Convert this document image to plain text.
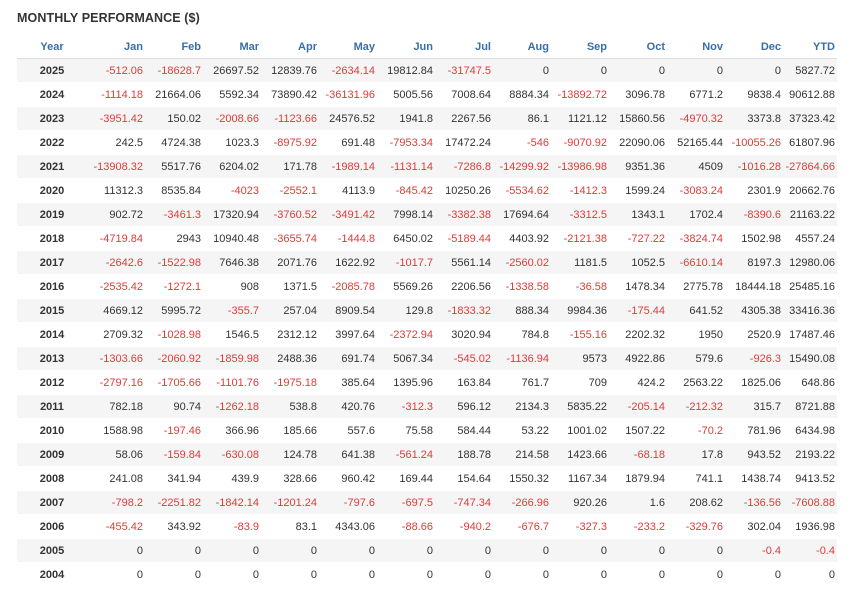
MONTHLY PERFORMANCE ($)
Year	Jan	Feb	Mar	Apr	May	Jun	Jul	Aug	Sep	Oct	Nov	Dec	YTD
2025	-512.06	-18628.7	26697.52	12839.76	-2634.14	19812.84	-31747.5	0	0	0	0	0	5827.72
2024	-1114.18	21664.06	5592.34	73890.42	-36131.96	5005.56	7008.64	8884.34	-13892.72	3096.78	6771.2	9838.4	90612.88
2023	-3951.42	150.02	-2008.66	-1123.66	24576.52	1941.8	2267.56	86.1	1121.12	15860.56	-4970.32	3373.8	37323.42
2022	242.5	4724.38	1023.3	-8975.92	691.48	-7953.34	17472.24	-546	-9070.92	22090.06	52165.44	-10055.26	61807.96
2021	-13908.32	5517.76	6204.02	171.78	-1989.14	-1131.14	-7286.8	-14299.92	-13986.98	9351.36	4509	-1016.28	-27864.66
2020	11312.3	8535.84	-4023	-2552.1	4113.9	-845.42	10250.26	-5534.62	-1412.3	1599.24	-3083.24	2301.9	20662.76
2019	902.72	-3461.3	17320.94	-3760.52	-3491.42	7998.14	-3382.38	17694.64	-3312.5	1343.1	1702.4	-8390.6	21163.22
2018	-4719.84	2943	10940.48	-3655.74	-1444.8	6450.02	-5189.44	4403.92	-2121.38	-727.22	-3824.74	1502.98	4557.24
2017	-2642.6	-1522.98	7646.38	2071.76	1622.92	-1017.7	5561.14	-2560.02	1181.5	1052.5	-6610.14	8197.3	12980.06
2016	-2535.42	-1272.1	908	1371.5	-2085.78	5569.26	2206.56	-1338.58	-36.58	1478.34	2775.78	18444.18	25485.16
2015	4669.12	5995.72	-355.7	257.04	8909.54	129.8	-1833.32	888.34	9984.36	-175.44	641.52	4305.38	33416.36
2014	2709.32	-1028.98	1546.5	2312.12	3997.64	-2372.94	3020.94	784.8	-155.16	2202.32	1950	2520.9	17487.46
2013	-1303.66	-2060.92	-1859.98	2488.36	691.74	5067.34	-545.02	-1136.94	9573	4922.86	579.6	-926.3	15490.08
2012	-2797.16	-1705.66	-1101.76	-1975.18	385.64	1395.96	163.84	761.7	709	424.2	2563.22	1825.06	648.86
2011	782.18	90.74	-1262.18	538.8	420.76	-312.3	596.12	2134.3	5835.22	-205.14	-212.32	315.7	8721.88
2010	1588.98	-197.46	366.96	185.66	557.6	75.58	584.44	53.22	1001.02	1507.22	-70.2	781.96	6434.98
2009	58.06	-159.84	-630.08	124.78	641.38	-561.24	188.78	214.58	1423.66	-68.18	17.8	943.52	2193.22
2008	241.08	341.94	439.9	328.66	960.42	169.44	154.64	1550.32	1167.34	1879.94	741.1	1438.74	9413.52
2007	-798.2	-2251.82	-1842.14	-1201.24	-797.6	-697.5	-747.34	-266.96	920.26	1.6	208.62	-136.56	-7608.88
2006	-455.42	343.92	-83.9	83.1	4343.06	-88.66	-940.2	-676.7	-327.3	-233.2	-329.76	302.04	1936.98
2005	0	0	0	0	0	0	0	0	0	0	0	-0.4	-0.4
2004	0	0	0	0	0	0	0	0	0	0	0	0	0
